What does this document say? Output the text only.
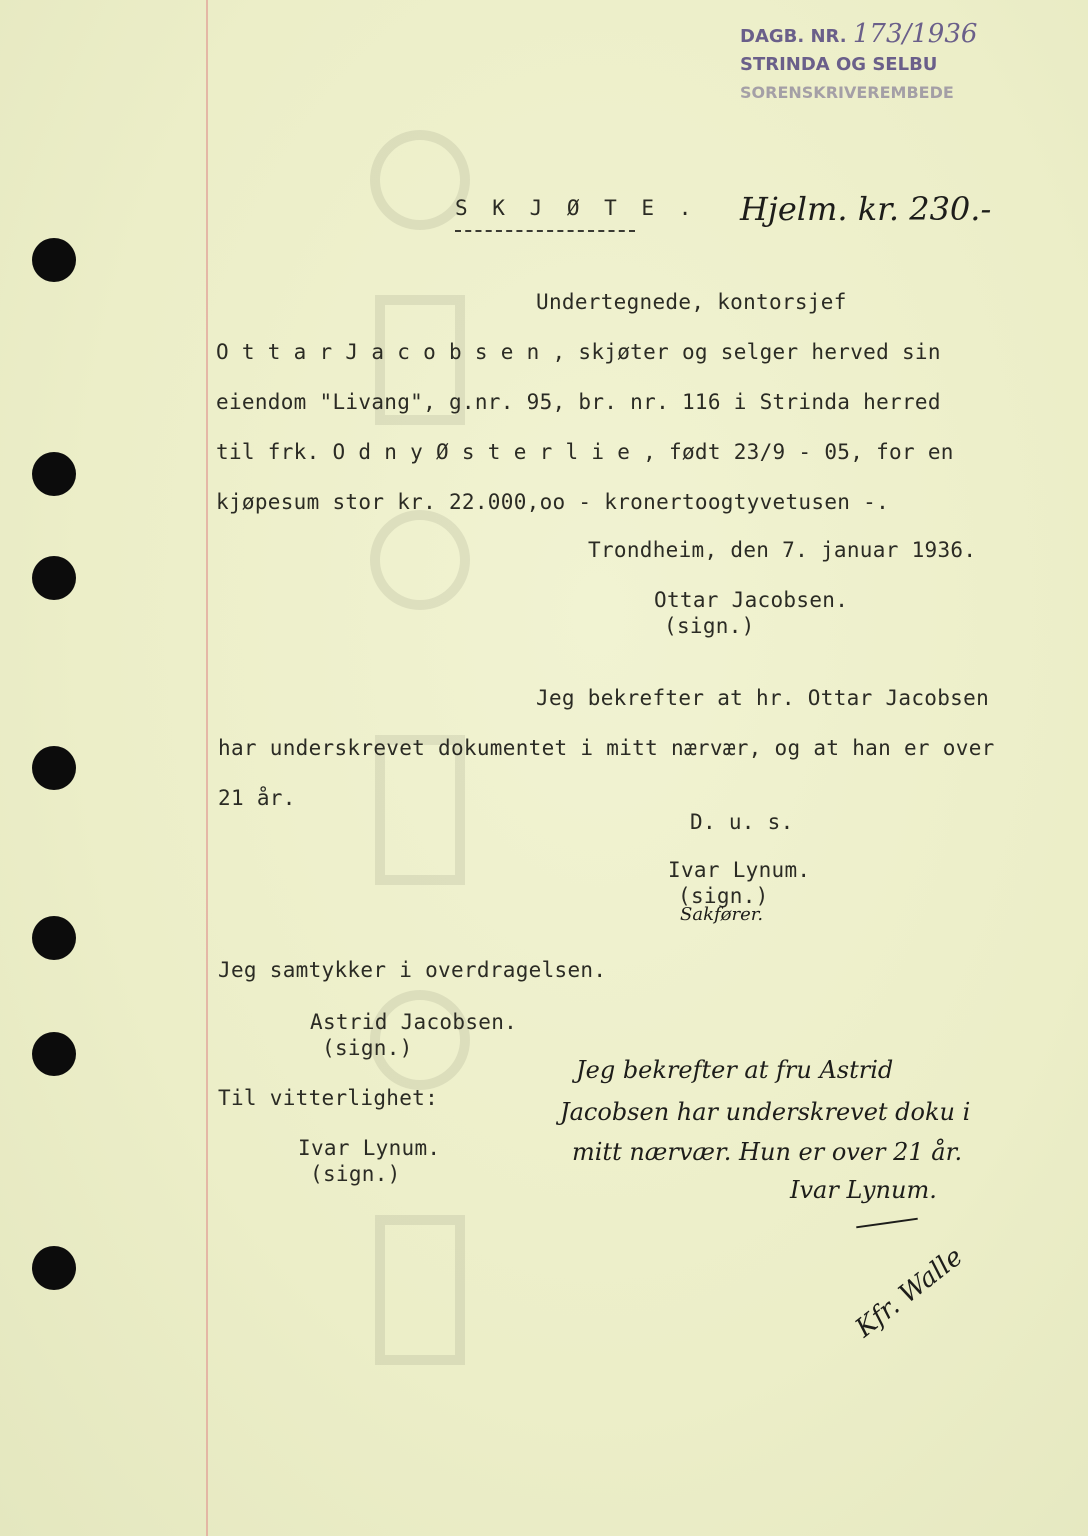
DAGB. NR. 173/1936
STRINDA OG SELBU
SORENSKRIVEREMBEDE
S K J Ø T E . Hjelm. kr. 230.-
Undertegnede, kontorsjef
O t t a r J a c o b s e n , skjøter og selger herved sin
eiendom "Livang", g.nr. 95, br. nr. 116 i Strinda herred
til frk. O d n y Ø s t e r l i e , født 23/9 - 05, for en
kjøpesum stor kr. 22.000,oo - kronertoogtyvetusen -.
Trondheim, den 7. januar 1936.
Ottar Jacobsen.
(sign.)
Jeg bekrefter at hr. Ottar Jacobsen
har underskrevet dokumentet i mitt nærvær, og at han er over
21 år.
D. u. s.
Ivar Lynum.
(sign.)
Sakfører.
Jeg samtykker i overdragelsen.
Astrid Jacobsen.
(sign.)
Til vitterlighet:
Ivar Lynum.
(sign.)
Jeg bekrefter at fru Astrid
Jacobsen har underskrevet doku i
mitt nærvær. Hun er over 21 år.
Ivar Lynum.
Kfr. Walle
